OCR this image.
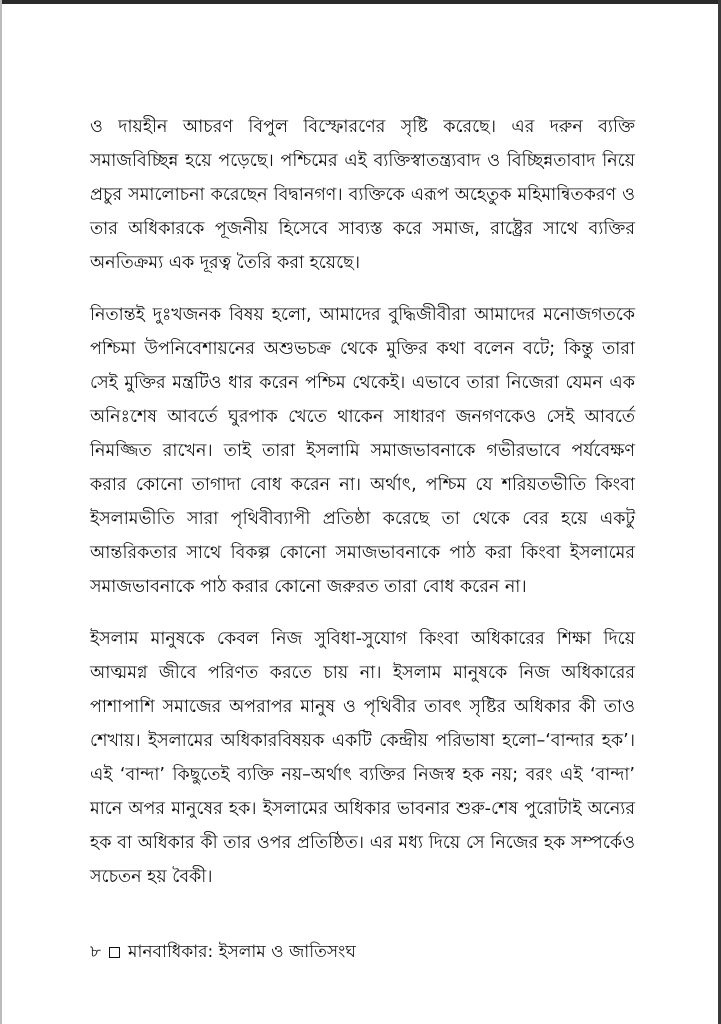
ও দায়হীন আচরণ বিপুল বিস্ফোরণের সৃষ্টি করেছে। এর দরুন ব্যক্তি সমাজবিচ্ছিন্ন হয়ে পড়েছে। পশ্চিমের এই ব্যক্তিস্বাতন্ত্র্যবাদ ও বিচ্ছিন্নতাবাদ নিয়ে প্রচুর সমালোচনা করেছেন বিদ্বানগণ। ব্যক্তিকে এরূপ অহেতুক মহিমান্বিতকরণ ও তার অধিকারকে পূজনীয় হিসেবে সাব্যস্ত করে সমাজ, রাষ্ট্রের সাথে ব্যক্তির অনতিক্রম্য এক দূরত্ব তৈরি করা হয়েছে।

নিতান্তই দুঃখজনক বিষয় হলো, আমাদের বুদ্ধিজীবীরা আমাদের মনোজগতকে পশ্চিমা উপনিবেশায়নের অশুভচক্র থেকে মুক্তির কথা বলেন বটে; কিন্তু তারা সেই মুক্তির মন্ত্রটিও ধার করেন পশ্চিম থেকেই। এভাবে তারা নিজেরা যেমন এক অনিঃশেষ আবর্তে ঘুরপাক খেতে থাকেন সাধারণ জনগণকেও সেই আবর্তে নিমজ্জিত রাখেন। তাই তারা ইসলামি সমাজভাবনাকে গভীরভাবে পর্যবেক্ষণ করার কোনো তাগাদা বোধ করেন না। অর্থাৎ, পশ্চিম যে শরিয়তভীতি কিংবা ইসলামভীতি সারা পৃথিবীব্যাপী প্রতিষ্ঠা করেছে তা থেকে বের হয়ে একটু আন্তরিকতার সাথে বিকল্প কোনো সমাজভাবনাকে পাঠ করা কিংবা ইসলামের সমাজভাবনাকে পাঠ করার কোনো জরুরত তারা বোধ করেন না।

ইসলাম মানুষকে কেবল নিজ সুবিধা-সুযোগ কিংবা অধিকারের শিক্ষা দিয়ে আত্মমগ্ন জীবে পরিণত করতে চায় না। ইসলাম মানুষকে নিজ অধিকারের পাশাপাশি সমাজের অপরাপর মানুষ ও পৃথিবীর তাবৎ সৃষ্টির অধিকার কী তাও শেখায়। ইসলামের অধিকারবিষয়ক একটি কেন্দ্রীয় পরিভাষা হলো–‘বান্দার হক’। এই ‘বান্দা’ কিছুতেই ব্যক্তি নয়–অর্থাৎ ব্যক্তির নিজস্ব হক নয়; বরং এই ‘বান্দা’ মানে অপর মানুষের হক। ইসলামের অধিকার ভাবনার শুরু-শেষ পুরোটাই অন্যের হক বা অধিকার কী তার ওপর প্রতিষ্ঠিত। এর মধ্য দিয়ে সে নিজের হক সম্পর্কেও সচেতন হয় বৈকী।

৮ মানবাধিকার: ইসলাম ও জাতিসংঘ
